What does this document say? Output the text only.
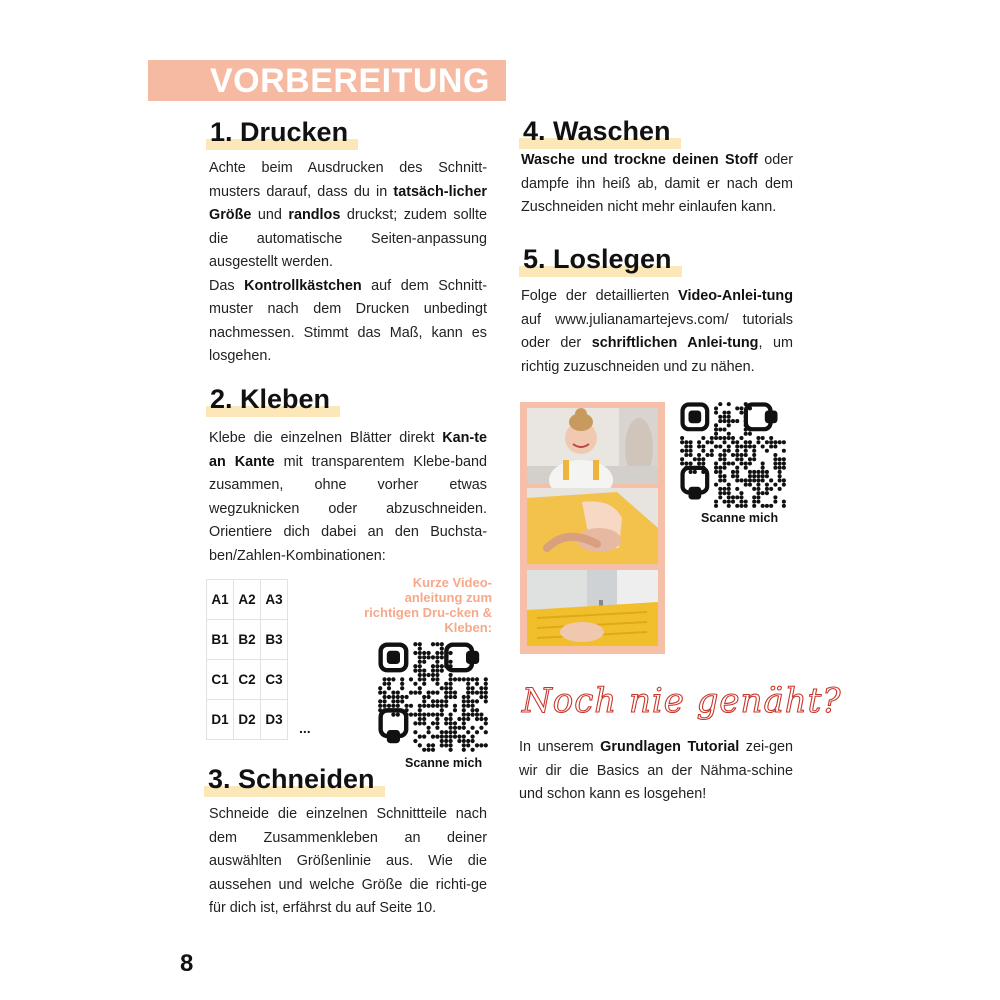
VORBEREITUNG
1. Drucken
Achte beim Ausdrucken des Schnitt-musters darauf, dass du in tatsäch-licher Größe und randlos druckst; zudem sollte die automatische Seiten-anpassung ausgestellt werden.
Das Kontrollkästchen auf dem Schnitt-muster nach dem Drucken unbedingt nachmessen. Stimmt das Maß, kann es losgehen.
2. Kleben
Klebe die einzelnen Blätter direkt Kan-te an Kante mit transparentem Klebe-band zusammen, ohne vorher etwas wegzuknicken oder abzuschneiden. Orientiere dich dabei an den Buchsta-ben/Zahlen-Kombinationen:
A1	A2	A3
B1	B2	B3
C1	C2	C3
D1	D2	D3
...
Kurze Video-anleitung zum richtigen Dru-cken & Kleben:
Scanne mich
3. Schneiden
Schneide die einzelnen Schnittteile nach dem Zusammenkleben an deiner auswählten Größenlinie aus. Wie die aussehen und welche Größe die richti-ge für dich ist, erfährst du auf Seite 10.
4. Waschen
Wasche und trockne deinen Stoff oder dampfe ihn heiß ab, damit er nach dem Zuschneiden nicht mehr einlaufen kann.
5. Loslegen
Folge der detaillierten Video-Anlei-tung auf www.julianamartejevs.com/ tutorials oder der schriftlichen Anlei-tung, um richtig zuzuschneiden und zu nähen.
Scanne mich
Noch nie genäht?
In unserem Grundlagen Tutorial zei-gen wir dir die Basics an der Nähma-schine und schon kann es losgehen!
8
